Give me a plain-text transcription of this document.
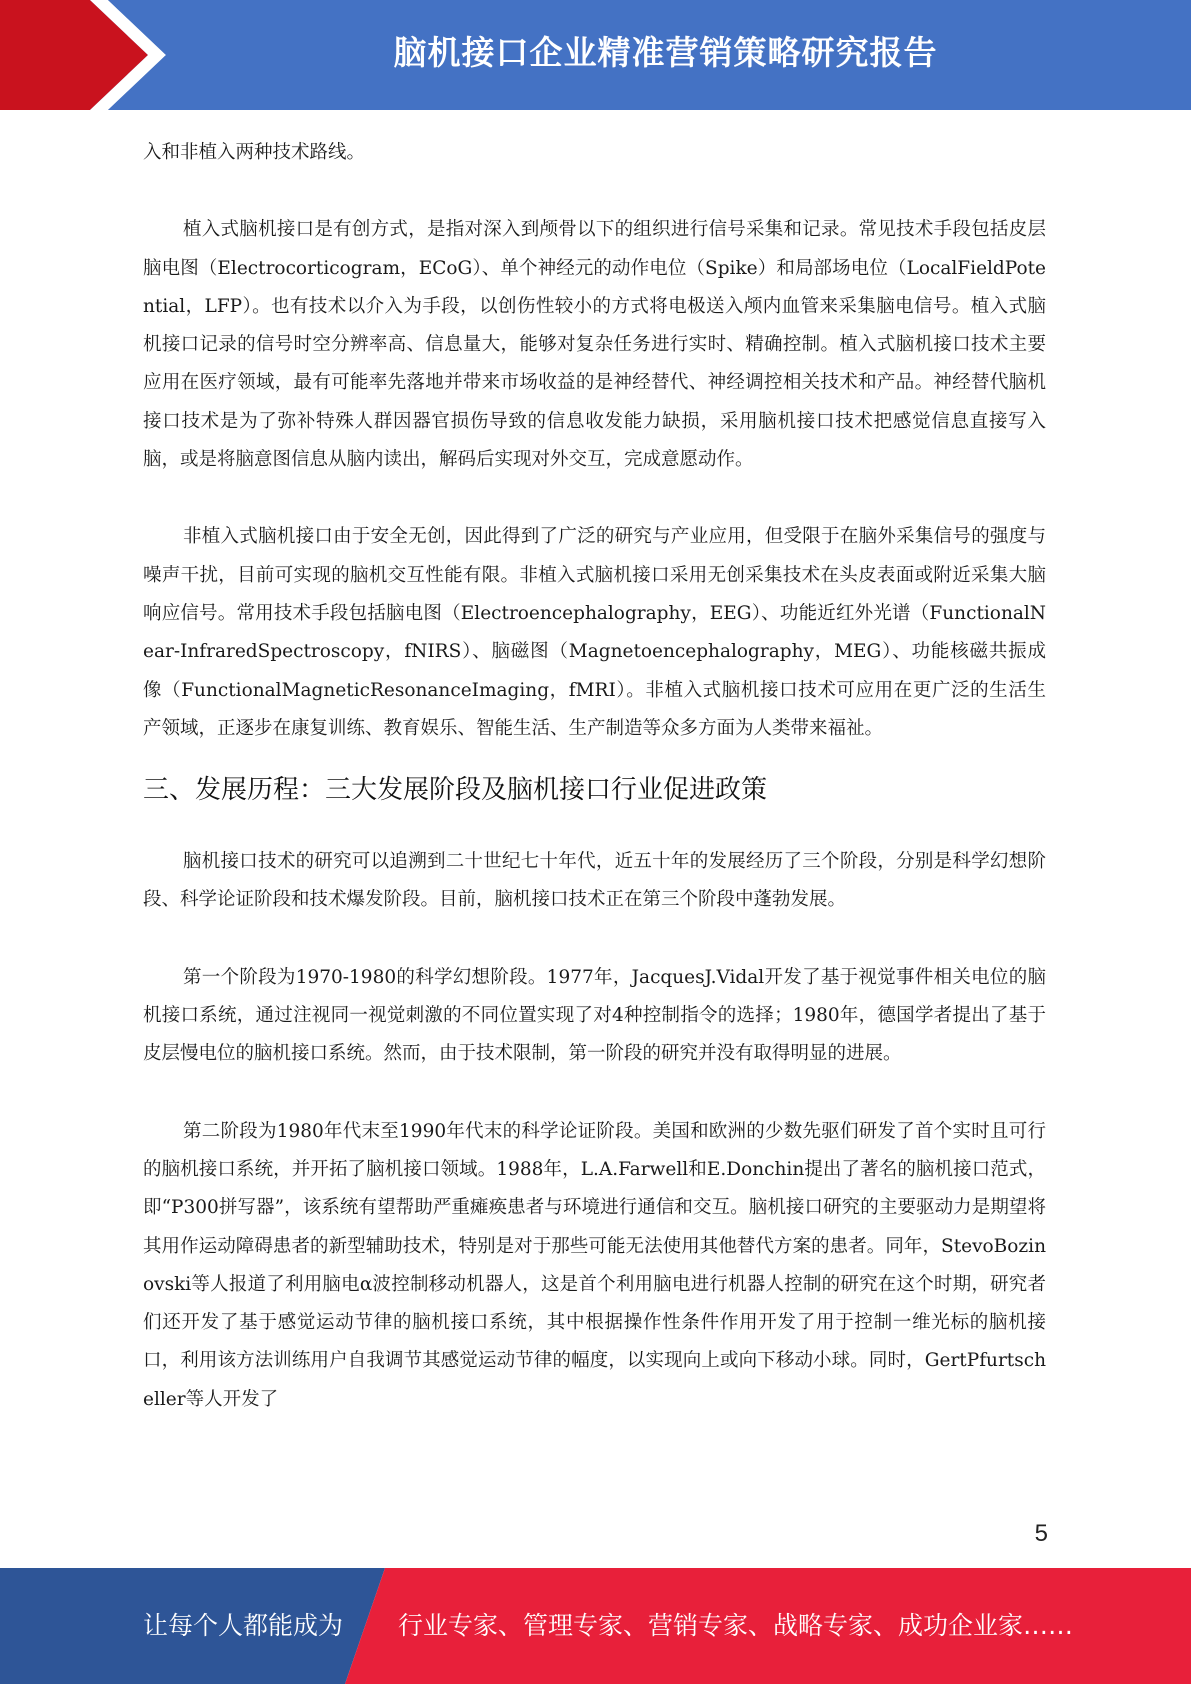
脑机接口企业精准营销策略研究报告

入和非植入两种技术路线。

植入式脑机接口是有创方式，是指对深入到颅骨以下的组织进行信号采集和记录。常见技术手段包括皮层脑电图（Electrocorticogram，ECoG）、单个神经元的动作电位（Spike）和局部场电位（LocalFieldPotential，LFP）。也有技术以介入为手段，以创伤性较小的方式将电极送入颅内血管来采集脑电信号。植入式脑机接口记录的信号时空分辨率高、信息量大，能够对复杂任务进行实时、精确控制。植入式脑机接口技术主要应用在医疗领域，最有可能率先落地并带来市场收益的是神经替代、神经调控相关技术和产品。神经替代脑机接口技术是为了弥补特殊人群因器官损伤导致的信息收发能力缺损，采用脑机接口技术把感觉信息直接写入脑，或是将脑意图信息从脑内读出，解码后实现对外交互，完成意愿动作。

非植入式脑机接口由于安全无创，因此得到了广泛的研究与产业应用，但受限于在脑外采集信号的强度与噪声干扰，目前可实现的脑机交互性能有限。非植入式脑机接口采用无创采集技术在头皮表面或附近采集大脑响应信号。常用技术手段包括脑电图（Electroencephalography，EEG）、功能近红外光谱（FunctionalNear-InfraredSpectroscopy，fNIRS）、脑磁图（Magnetoencephalography，MEG）、功能核磁共振成像（FunctionalMagneticResonanceImaging，fMRI）。非植入式脑机接口技术可应用在更广泛的生活生产领域，正逐步在康复训练、教育娱乐、智能生活、生产制造等众多方面为人类带来福祉。

三、发展历程：三大发展阶段及脑机接口行业促进政策

脑机接口技术的研究可以追溯到二十世纪七十年代，近五十年的发展经历了三个阶段，分别是科学幻想阶段、科学论证阶段和技术爆发阶段。目前，脑机接口技术正在第三个阶段中蓬勃发展。

第一个阶段为1970-1980的科学幻想阶段。1977年，JacquesJ.Vidal开发了基于视觉事件相关电位的脑机接口系统，通过注视同一视觉刺激的不同位置实现了对4种控制指令的选择；1980年，德国学者提出了基于皮层慢电位的脑机接口系统。然而，由于技术限制，第一阶段的研究并没有取得明显的进展。

第二阶段为1980年代末至1990年代末的科学论证阶段。美国和欧洲的少数先驱们研发了首个实时且可行的脑机接口系统，并开拓了脑机接口领域。1988年，L.A.Farwell和E.Donchin提出了著名的脑机接口范式，即“P300拼写器”，该系统有望帮助严重瘫痪患者与环境进行通信和交互。脑机接口研究的主要驱动力是期望将其用作运动障碍患者的新型辅助技术，特别是对于那些可能无法使用其他替代方案的患者。同年，StevoBozinovski等人报道了利用脑电α波控制移动机器人，这是首个利用脑电进行机器人控制的研究在这个时期，研究者们还开发了基于感觉运动节律的脑机接口系统，其中根据操作性条件作用开发了用于控制一维光标的脑机接口，利用该方法训练用户自我调节其感觉运动节律的幅度，以实现向上或向下移动小球。同时，GertPfurtscheller等人开发了

5
让每个人都能成为 行业专家、管理专家、营销专家、战略专家、成功企业家……
